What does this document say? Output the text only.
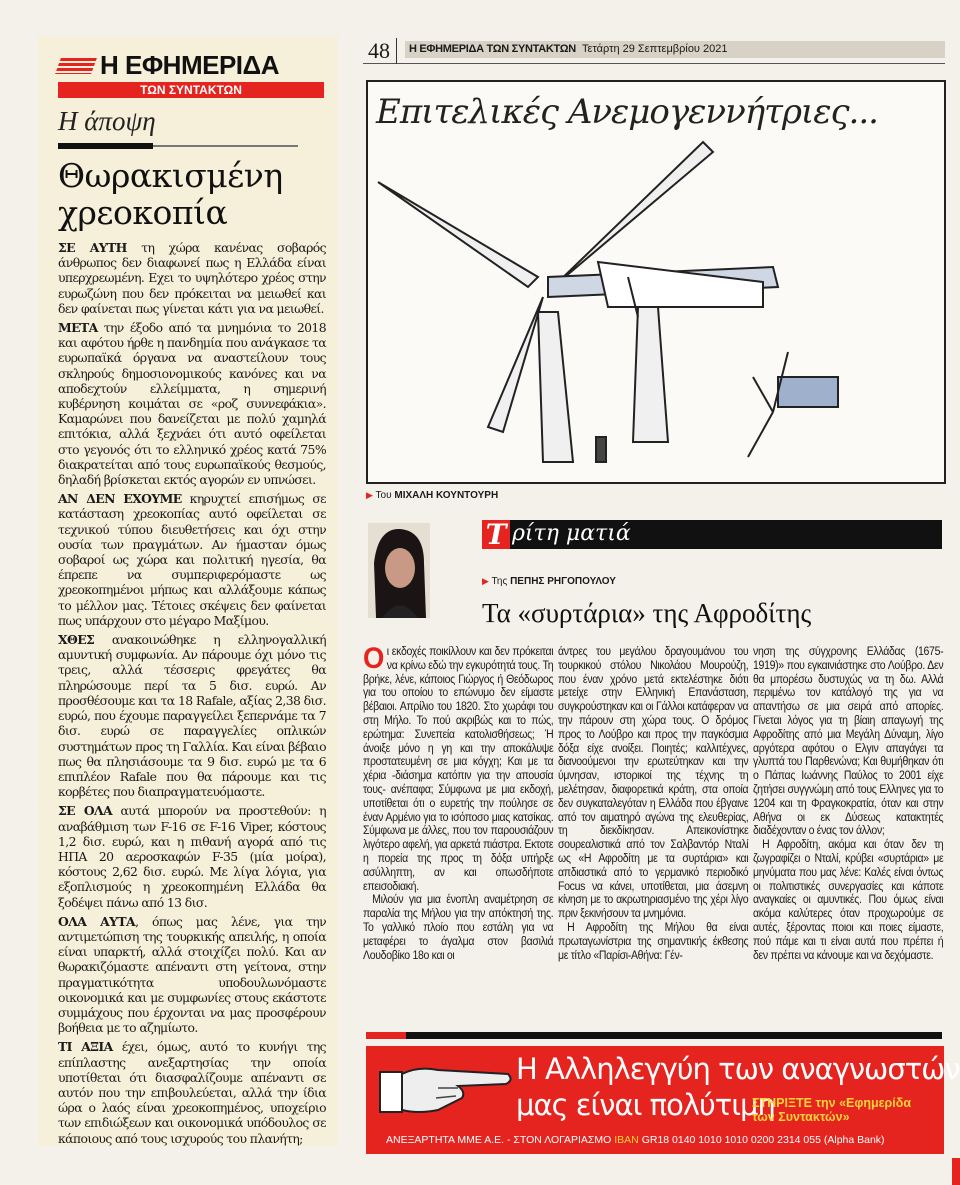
Η ΕΦΗΜΕΡΙΔΑ
ΤΩΝ ΣΥΝΤΑΚΤΩΝ
Η άποψη
Θωρακισμένη
χρεοκοπία

ΣΕ ΑΥΤΗ τη χώρα κανένας σοβαρός άνθρωπος δεν διαφωνεί πως η Ελλάδα είναι υπερχρεωμένη. Εχει το υψηλότερο χρέος στην ευρωζώνη που δεν πρόκειται να μειωθεί και δεν φαίνεται πως γίνεται κάτι για να μειωθεί.

ΜΕΤΑ την έξοδο από τα μνημόνια το 2018 και αφότου ήρθε η πανδημία που ανάγκασε τα ευρωπαϊκά όργανα να αναστείλουν τους σκληρούς δημοσιονομικούς κανόνες και να αποδεχτούν ελλείμματα, η σημερινή κυβέρνηση κοιμάται σε «ροζ συννεφάκια». Καμαρώνει που δανείζεται με πολύ χαμηλά επιτόκια, αλλά ξεχνάει ότι αυτό οφείλεται στο γεγονός ότι το ελληνικό χρέος κατά 75% διακρατείται από τους ευρωπαϊκούς θεσμούς, δηλαδή βρίσκεται εκτός αγορών εν υπνώσει.

ΑΝ ΔΕΝ ΕΧΟΥΜΕ κηρυχτεί επισήμως σε κατάσταση χρεοκοπίας αυτό οφείλεται σε τεχνικού τύπου διευθετήσεις και όχι στην ουσία των πραγμάτων. Αν ήμασταν όμως σοβαροί ως χώρα και πολιτική ηγεσία, θα έπρεπε να συμπεριφερόμαστε ως χρεοκοπημένοι μήπως και αλλάξουμε κάπως το μέλλον μας. Τέτοιες σκέψεις δεν φαίνεται πως υπάρχουν στο μέγαρο Μαξίμου.

ΧΘΕΣ ανακοινώθηκε η ελληνογαλλική αμυντική συμφωνία. Αν πάρουμε όχι μόνο τις τρεις, αλλά τέσσερις φρεγάτες θα πληρώσουμε περί τα 5 δισ. ευρώ. Αν προσθέσουμε και τα 18 Rafale, αξίας 2,38 δισ. ευρώ, που έχουμε παραγγείλει ξεπερνάμε τα 7 δισ. ευρώ σε παραγγελίες οπλικών συστημάτων προς τη Γαλλία. Και είναι βέβαιο πως θα πλησιάσουμε τα 9 δισ. ευρώ με τα 6 επιπλέον Rafale που θα πάρουμε και τις κορβέτες που διαπραγματευόμαστε.

ΣΕ ΟΛΑ αυτά μπορούν να προστεθούν: η αναβάθμιση των F-16 σε F-16 Viper, κόστους 1,2 δισ. ευρώ, και η πιθανή αγορά από τις ΗΠΑ 20 αεροσκαφών F-35 (μία μοίρα), κόστους 2,62 δισ. ευρώ. Με λίγα λόγια, για εξοπλισμούς η χρεοκοπημένη Ελλάδα θα ξοδέψει πάνω από 13 δισ.

ΟΛΑ ΑΥΤΑ, όπως μας λένε, για την αντιμετώπιση της τουρκικής απειλής, η οποία είναι υπαρκτή, αλλά στοιχίζει πολύ. Και αν θωρακιζόμαστε απέναντι στη γείτονα, στην πραγματικότητα υποδουλωνόμαστε οικονομικά και με συμφωνίες στους εκάστοτε συμμάχους που έρχονται να μας προσφέρουν βοήθεια με το αζημίωτο.

ΤΙ ΑΞΙΑ έχει, όμως, αυτό το κυνήγι της επίπλαστης ανεξαρτησίας την οποία υποτίθεται ότι διασφαλίζουμε απέναντι σε αυτόν που την επιβουλεύεται, αλλά την ίδια ώρα ο λαός είναι χρεοκοπημένος, υποχείριο των επιδιώξεων και οικονομικά υπόδουλος σε κάποιους από τους ισχυρούς του πλανήτη;

48	Η ΕΦΗΜΕΡΙΔΑ ΤΩΝ ΣΥΝΤΑΚΤΩΝ Τετάρτη 29 Σεπτεμβρίου 2021
Επιτελικές Ανεμογεννήτριες...
▶ Του ΜΙΧΑΛΗ ΚΟΥΝΤΟΥΡΗ
Τ ρίτη ματιά
▶ Της ΠΕΠΗΣ ΡΗΓΟΠΟΥΛΟΥ
Τα «συρτάρια» της Αφροδίτης

Οι εκδοχές ποικίλλουν και δεν πρόκειται να κρίνω εδώ την εγκυρότητά τους. Τη βρήκε, λένε, κάποιος Γιώργος ή Θεόδωρος για του οποίου το επώνυμο δεν είμαστε βέβαιοι. Απρίλιο του 1820. Στο χωράφι του στη Μήλο. Το πού ακριβώς και το πώς, ερώτημα: Συνεπεία κατολισθήσεως; Ή άνοιξε μόνο η γη και την αποκάλυψε προστατευμένη σε μια κόγχη; Και με τα χέρια -διάσημα κατόπιν για την απουσία τους- ανέπαφα; Σύμφωνα με μια εκδοχή, υποτίθεται ότι ο ευρετής την πούλησε σε έναν Αρμένιο για το ισόποσο μιας κατσίκας. Σύμφωνα με άλλες, που τον παρουσιάζουν λιγότερο αφελή, για αρκετά πιάστρα. Εκτοτε η πορεία της προς τη δόξα υπήρξε ασύλληπτη, αν και οπωσδήποτε επεισοδιακή.

Μιλούν για μια ένοπλη αναμέτρηση σε παραλία της Μήλου για την απόκτησή της. Το γαλλικό πλοίο που εστάλη για να μεταφέρει το άγαλμα στον βασιλιά Λουδοβίκο 18ο και οι

άντρες του μεγάλου δραγουμάνου του τουρκικού στόλου Νικολάου Μουρούζη, που έναν χρόνο μετά εκτελέστηκε διότι μετείχε στην Ελληνική Επανάσταση, συγκρούστηκαν και οι Γάλλοι κατάφεραν να την πάρουν στη χώρα τους. Ο δρόμος προς το Λούβρο και προς την παγκόσμια δόξα είχε ανοίξει. Ποιητές; καλλιτέχνες, διανοούμενοι την ερωτεύτηκαν και την ύμνησαν, ιστορικοί της τέχνης τη μελέτησαν, διαφορετικά κράτη, στα οποία δεν συγκαταλεγόταν η Ελλάδα που έβγαινε από τον αιματηρό αγώνα της ελευθερίας, τη διεκδίκησαν. Απεικονίστηκε σουρεαλιστικά από τον Σαλβαντόρ Νταλί ως «Η Αφροδίτη με τα συρτάρια» και απδιαστικά από το γερμανικό περιοδικό Focus να κάνει, υποτίθεται, μια άσεμνη κίνηση με το ακρωτηριασμένο της χέρι λίγο πριν ξεκινήσουν τα μνημόνια.

Η Αφροδίτη της Μήλου θα είναι πρωταγωνίστρια της σημαντικής έκθεσης με τίτλο «Παρίσι-Αθήνα: Γέν-

νηση της σύγχρονης Ελλάδας (1675-1919)» που εγκαινιάστηκε στο Λούβρο. Δεν θα μπορέσω δυστυχώς να τη δω. Αλλά περιμένω τον κατάλογό της για να απαντήσω σε μια σειρά από απορίες. Γίνεται λόγος για τη βίαιη απαγωγή της Αφροδίτης από μια Μεγάλη Δύναμη, λίγο αργότερα αφότου ο Ελγιν απαγάγει τα γλυπτά του Παρθενώνα; Και θυμήθηκαν ότι ο Πάπας Ιωάννης Παύλος το 2001 είχε ζητήσει συγγνώμη από τους Ελληνες για το 1204 και τη Φραγκοκρατία, όταν και στην Αθήνα οι εκ Δύσεως κατακτητές διαδέχονταν ο ένας τον άλλον;

Η Αφροδίτη, ακόμα και όταν δεν τη ζωγραφίζει ο Νταλί, κρύβει «συρτάρια» με μηνύματα που μας λένε: Καλές είναι όντως οι πολιτιστικές συνεργασίες και κάποτε αναγκαίες οι αμυντικές. Που όμως είναι ακόμα καλύτερες όταν προχωρούμε σε αυτές, ξέροντας ποιοι και ποιες είμαστε, πού πάμε και τι είναι αυτά που πρέπει ή δεν πρέπει να κάνουμε και να δεχόμαστε.

Η Αλληλεγγύη των αναγνωστών
μας είναι πολύτιμη
ΣΤΗΡΙΞΤΕ την «Εφημερίδα των Συντακτών»
ΑΝΕΞΑΡΤΗΤΑ ΜΜΕ Α.Ε. - ΣΤΟΝ ΛΟΓΑΡΙΑΣΜΟ IBAN GR18 0140 1010 1010 0200 2314 055 (Alpha Bank)
